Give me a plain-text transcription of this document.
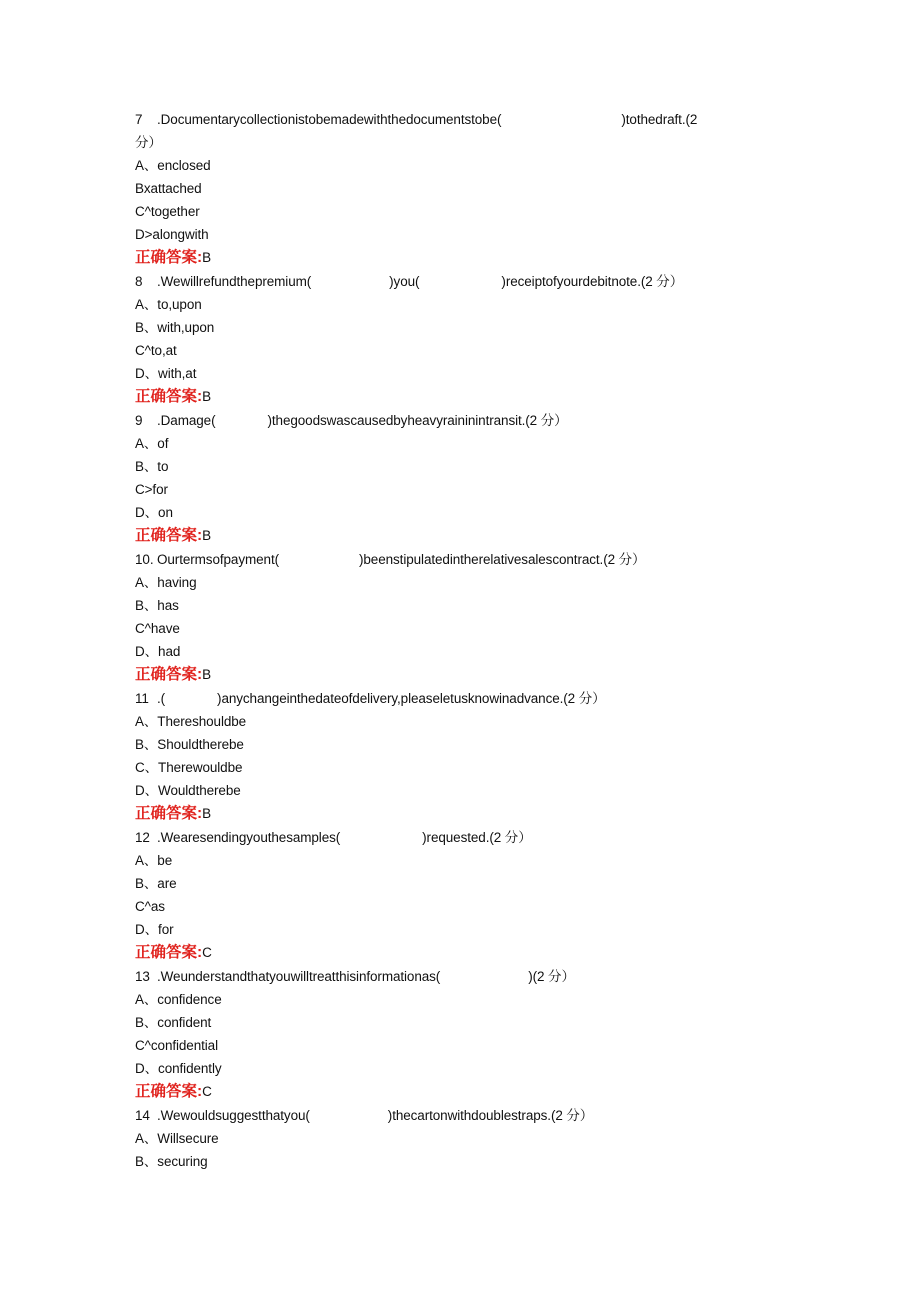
7 .Documentarycollectionistobemadewiththedocumentstobe(	)tothedraft.(2
分）
A、enclosed
Bxattached
C^together
D>alongwith
正确答案:B
8 .Wewillrefundthepremium(	)you(	)receiptofyourdebitnote.(2 分）
A、to,upon
B、with,upon
C^to,at
D、with,at
正确答案:B
9 .Damage(	)thegoodswascausedbyheavyraininintransit.(2 分）
A、of
B、to
C>for
D、on
正确答案:B
10. Ourtermsofpayment(	)beenstipulatedintherelativesalescontract.(2 分）
A、having
B、has
C^have
D、had
正确答案:B
11 .(	)anychangeinthedateofdelivery,pleaseletusknowinadvance.(2 分）
A、Thereshouldbe
B、Shouldtherebe
C、Therewouldbe
D、Wouldtherebe
正确答案:B
12 .Wearesendingyouthesamples(	)requested.(2 分）
A、be
B、are
C^as
D、for
正确答案:C
13 .Weunderstandthatyouwilltreatthisinformationas(	)(2 分）
A、confidence
B、confident
C^confidential
D、confidently
正确答案:C
14 .Wewouldsuggestthatyou(	)thecartonwithdoublestraps.(2 分）
A、Willsecure
B、securing
